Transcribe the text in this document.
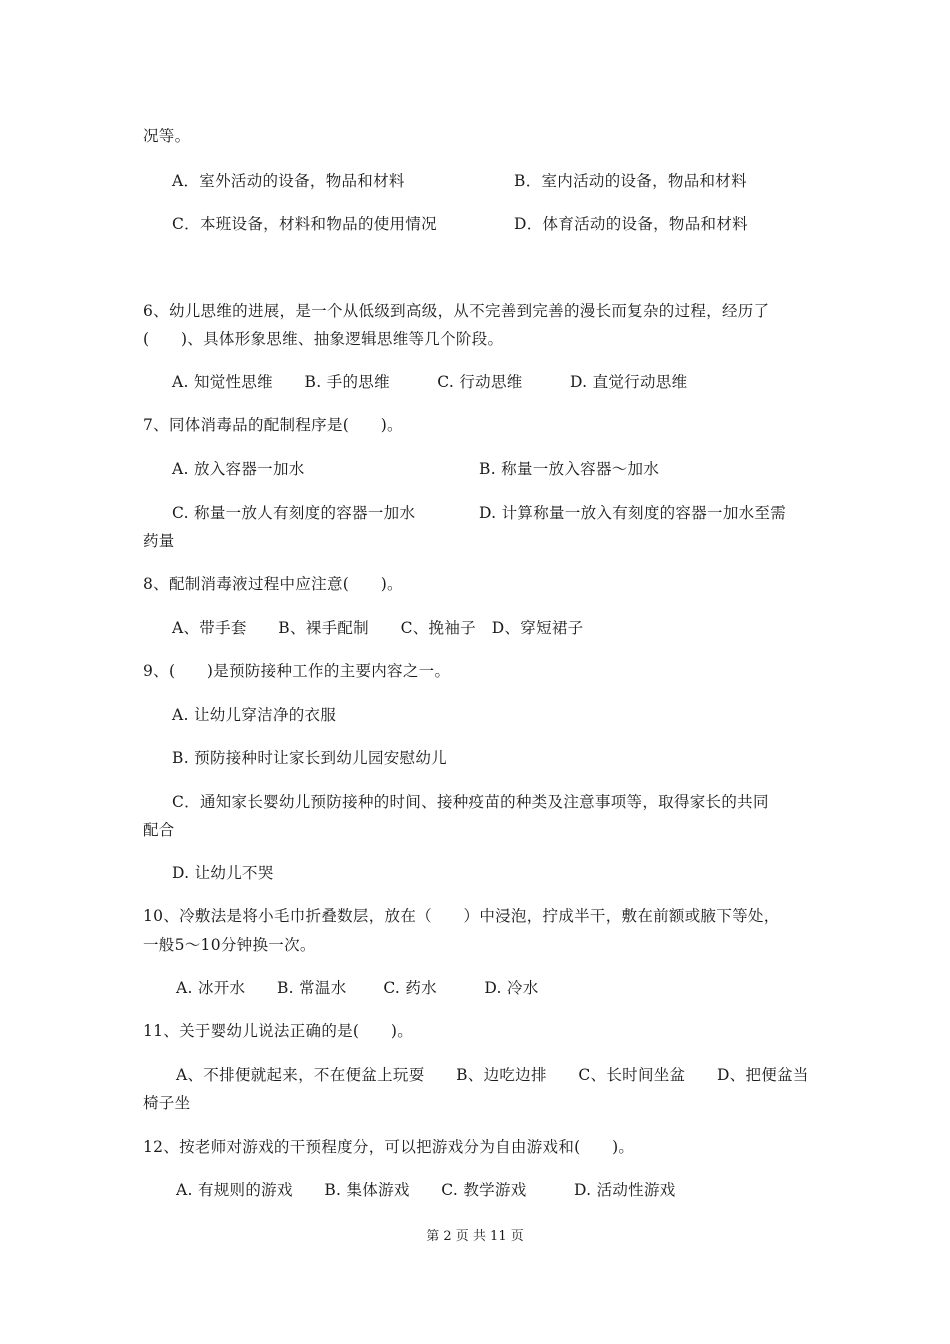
况等。
A．室外活动的设备，物品和材料	B．室内活动的设备，物品和材料
C．本班设备，材料和物品的使用情况	D．体育活动的设备，物品和材料
6、幼儿思维的进展，是一个从低级到高级，从不完善到完善的漫长而复杂的过程，经历了
(　　)、具体形象思维、抽象逻辑思维等几个阶段。
A. 知觉性思维　　B. 手的思维　　　C. 行动思维　　　D. 直觉行动思维
7、同体消毒品的配制程序是(　　)。
A. 放入容器一加水	B. 称量一放入容器～加水
C. 称量一放人有刻度的容器一加水	D. 计算称量一放入有刻度的容器一加水至需
药量
8、配制消毒液过程中应注意(　　)。
A、带手套　　B、裸手配制　　C、挽袖子　D、穿短裙子
9、(　　)是预防接种工作的主要内容之一。
A. 让幼儿穿洁净的衣服
B. 预防接种时让家长到幼儿园安慰幼儿
C．通知家长婴幼儿预防接种的时间、接种疫苗的种类及注意事项等，取得家长的共同
配合
D. 让幼儿不哭
10、冷敷法是将小毛巾折叠数层，放在（　　）中浸泡，拧成半干，敷在前额或腋下等处，
一般5～10分钟换一次。
A. 冰开水　　B. 常温水　　 C. 药水　　　D. 冷水
11、关于婴幼儿说法正确的是(　　)。
A、不排便就起来，不在便盆上玩耍　　B、边吃边排　　C、长时间坐盆　　D、把便盆当
椅子坐
12、按老师对游戏的干预程度分，可以把游戏分为自由游戏和(　　)。
A. 有规则的游戏　　B. 集体游戏　　C. 教学游戏　　　D. 活动性游戏
第 2 页 共 11 页
